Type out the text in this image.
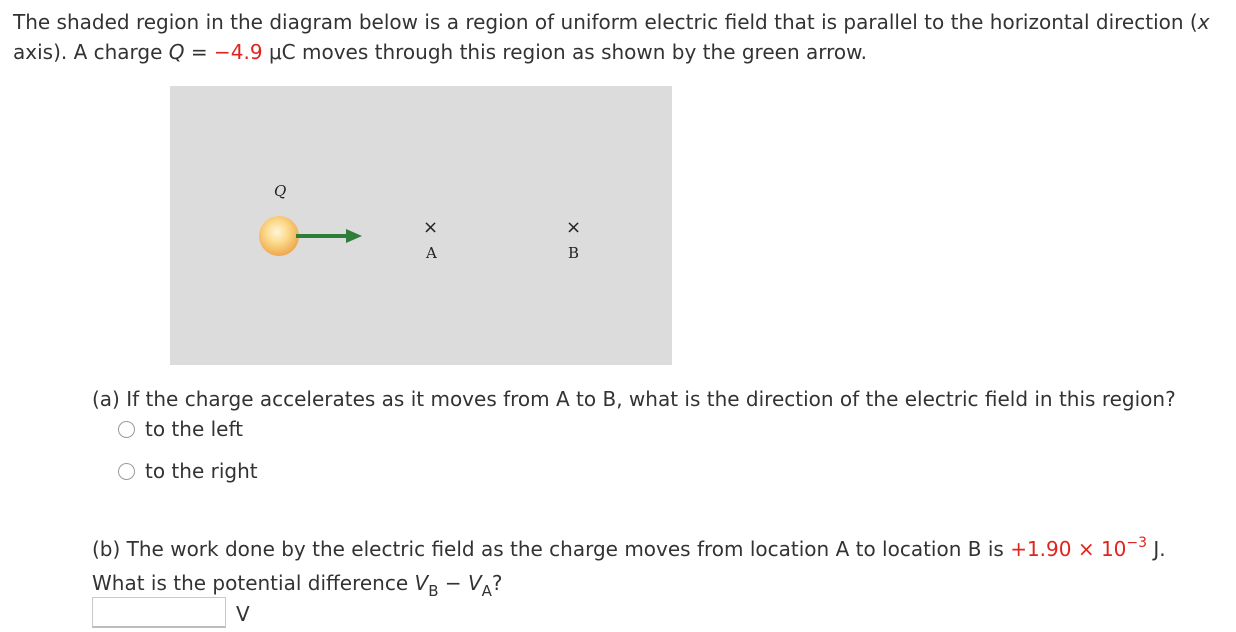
The shaded region in the diagram below is a region of uniform electric field that is parallel to the horizontal direction (x
axis). A charge Q = −4.9 μC moves through this region as shown by the green arrow.

Q
×
A
×
B

(a) If the charge accelerates as it moves from A to B, what is the direction of the electric field in this region?

to the left
to the right

(b) The work done by the electric field as the charge moves from location A to location B is $+1.90 \times 10^{-3}$ J.

What is the potential difference $V_B - V_A$?

V
